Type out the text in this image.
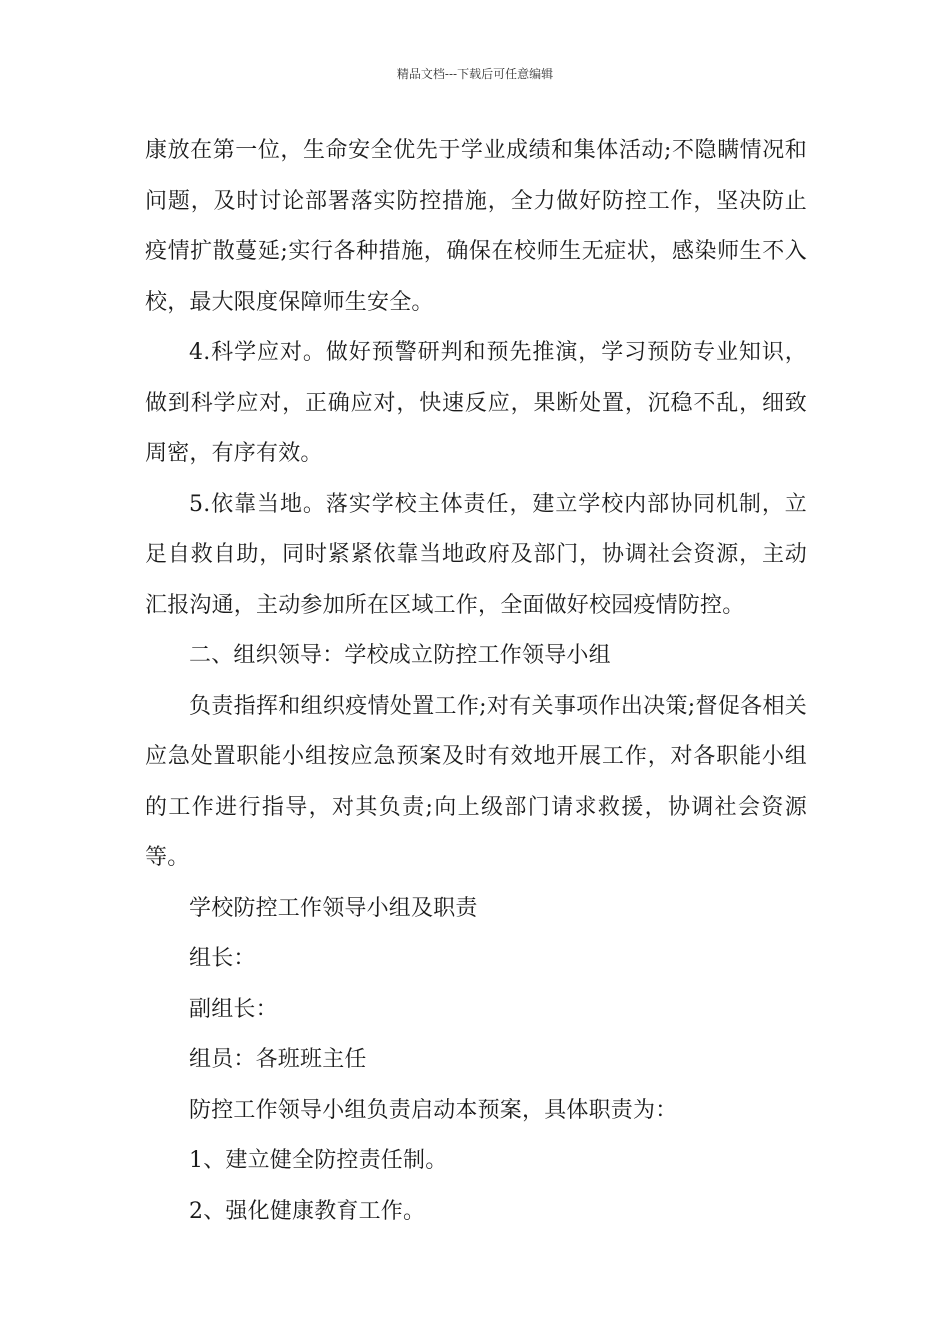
精品文档---下载后可任意编辑

康放在第一位，生命安全优先于学业成绩和集体活动;不隐瞒情况和问题，及时讨论部署落实防控措施，全力做好防控工作，坚决防止疫情扩散蔓延;实行各种措施，确保在校师生无症状，感染师生不入校，最大限度保障师生安全。

4.科学应对。做好预警研判和预先推演，学习预防专业知识，做到科学应对，正确应对，快速反应，果断处置，沉稳不乱，细致周密，有序有效。

5.依靠当地。落实学校主体责任，建立学校内部协同机制，立足自救自助，同时紧紧依靠当地政府及部门，协调社会资源，主动汇报沟通，主动参加所在区域工作，全面做好校园疫情防控。

二、组织领导：学校成立防控工作领导小组

负责指挥和组织疫情处置工作;对有关事项作出决策;督促各相关应急处置职能小组按应急预案及时有效地开展工作，对各职能小组的工作进行指导，对其负责;向上级部门请求救援，协调社会资源等。

学校防控工作领导小组及职责

组长：

副组长：

组员：各班班主任

防控工作领导小组负责启动本预案，具体职责为：

1、建立健全防控责任制。

2、强化健康教育工作。
